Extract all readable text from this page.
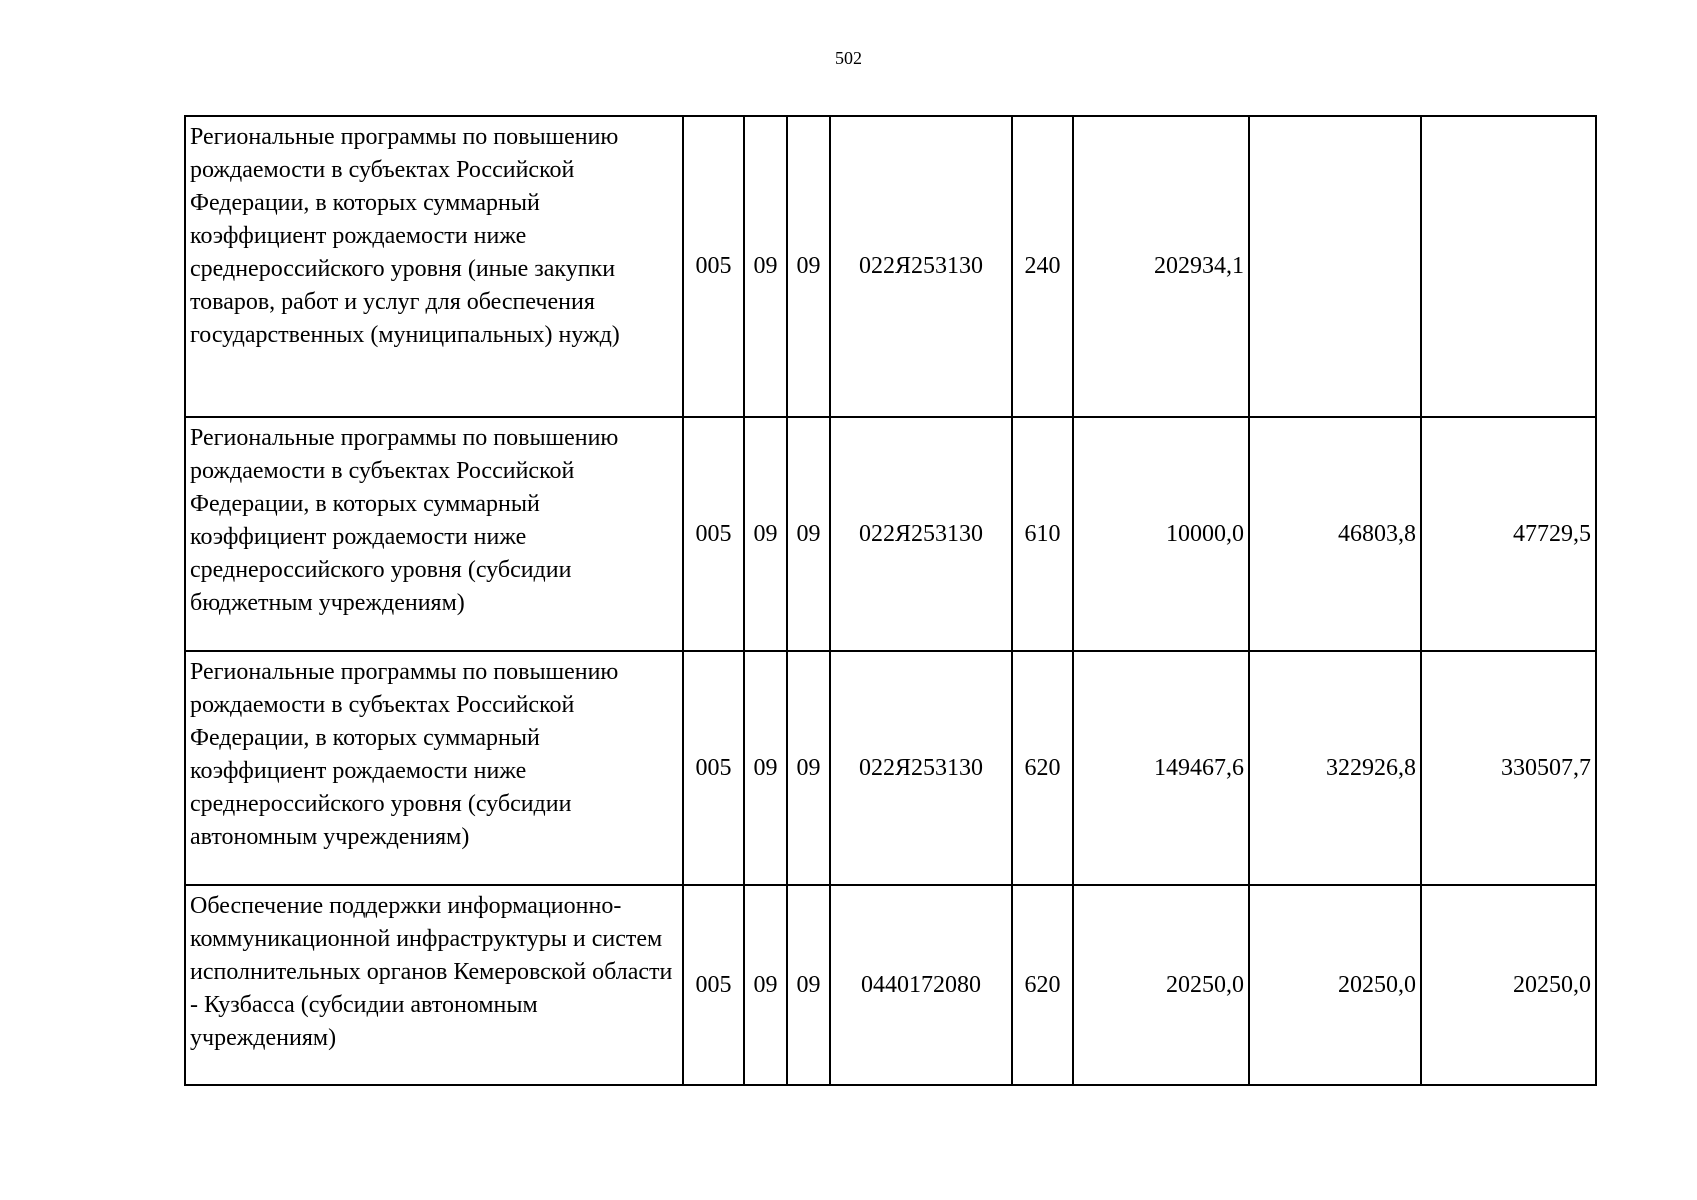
502
Региональные программы по повышению рождаемости в субъектах Российской Федерации, в которых суммарный коэффициент рождаемости ниже среднероссийского уровня (иные закупки товаров, работ и услуг для обеспечения государственных (муниципальных) нужд)	005	09	09	022Я253130	240	202934,1		
Региональные программы по повышению рождаемости в субъектах Российской Федерации, в которых суммарный коэффициент рождаемости ниже среднероссийского уровня (субсидии бюджетным учреждениям)	005	09	09	022Я253130	610	10000,0	46803,8	47729,5
Региональные программы по повышению рождаемости в субъектах Российской Федерации, в которых суммарный коэффициент рождаемости ниже среднероссийского уровня (субсидии автономным учреждениям)	005	09	09	022Я253130	620	149467,6	322926,8	330507,7
Обеспечение поддержки информационно-коммуникационной инфраструктуры и систем исполнительных органов Кемеровской области - Кузбасса (субсидии автономным учреждениям)	005	09	09	0440172080	620	20250,0	20250,0	20250,0
